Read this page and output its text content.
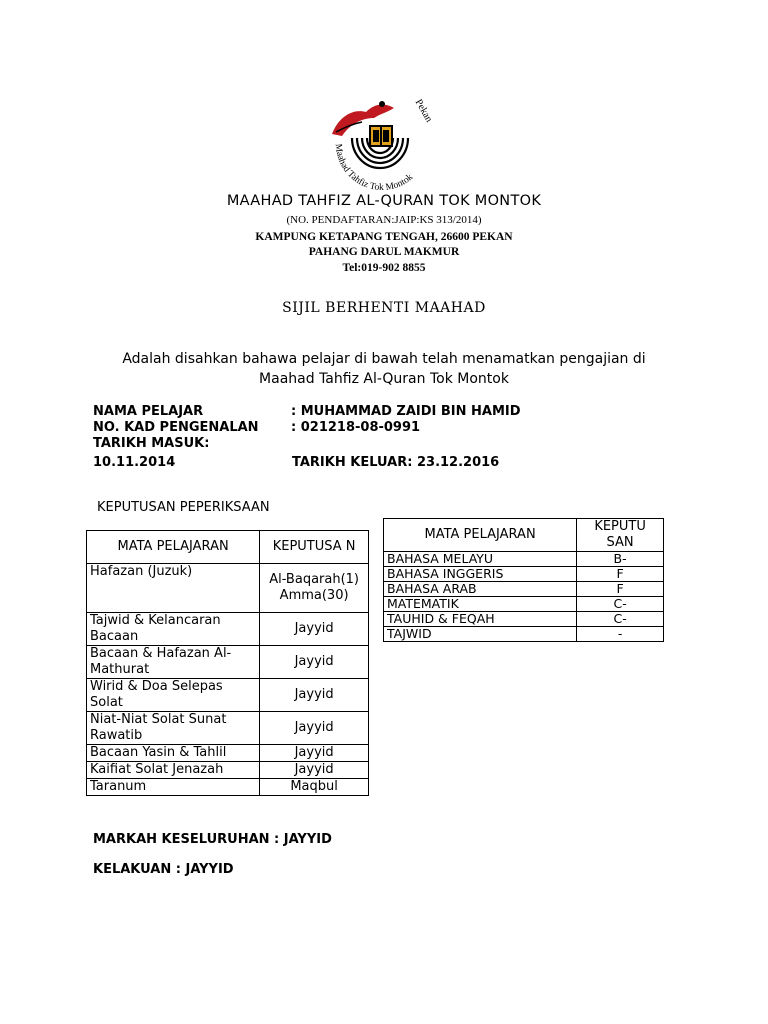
Pekan
Maahad Tahfiz Tok Montok
MAAHAD TAHFIZ AL-QURAN TOK MONTOK
(NO. PENDAFTARAN:JAIP:KS 313/2014)
KAMPUNG KETAPANG TENGAH, 26600 PEKAN
PAHANG DARUL MAKMUR
Tel:019-902 8855
SIJIL BERHENTI MAAHAD
Adalah disahkan bahawa pelajar di bawah telah menamatkan pengajian di
Maahad Tahfiz Al-Quran Tok Montok
NAMA PELAJAR	: MUHAMMAD ZAIDI BIN HAMID
NO. KAD PENGENALAN : 021218-08-0991
TARIKH MASUK:
10.11.2014	TARIKH KELUAR: 23.12.2016
KEPUTUSAN PEPERIKSAAN
MATA PELAJARAN	KEPUTUSA N
Hafazan (Juzuk)	Al-Baqarah(1) Amma(30)
Tajwid & Kelancaran Bacaan	Jayyid
Bacaan & Hafazan Al-Mathurat	Jayyid
Wirid & Doa Selepas Solat	Jayyid
Niat-Niat Solat Sunat Rawatib	Jayyid
Bacaan Yasin & Tahlil	Jayyid
Kaifiat Solat Jenazah	Jayyid
Taranum	Maqbul
MATA PELAJARAN	KEPUTU SAN
BAHASA MELAYU	B-
BAHASA INGGERIS	F
BAHASA ARAB	F
MATEMATIK	C-
TAUHID & FEQAH	C-
TAJWID	-
MARKAH KESELURUHAN : JAYYID
KELAKUAN : JAYYID
